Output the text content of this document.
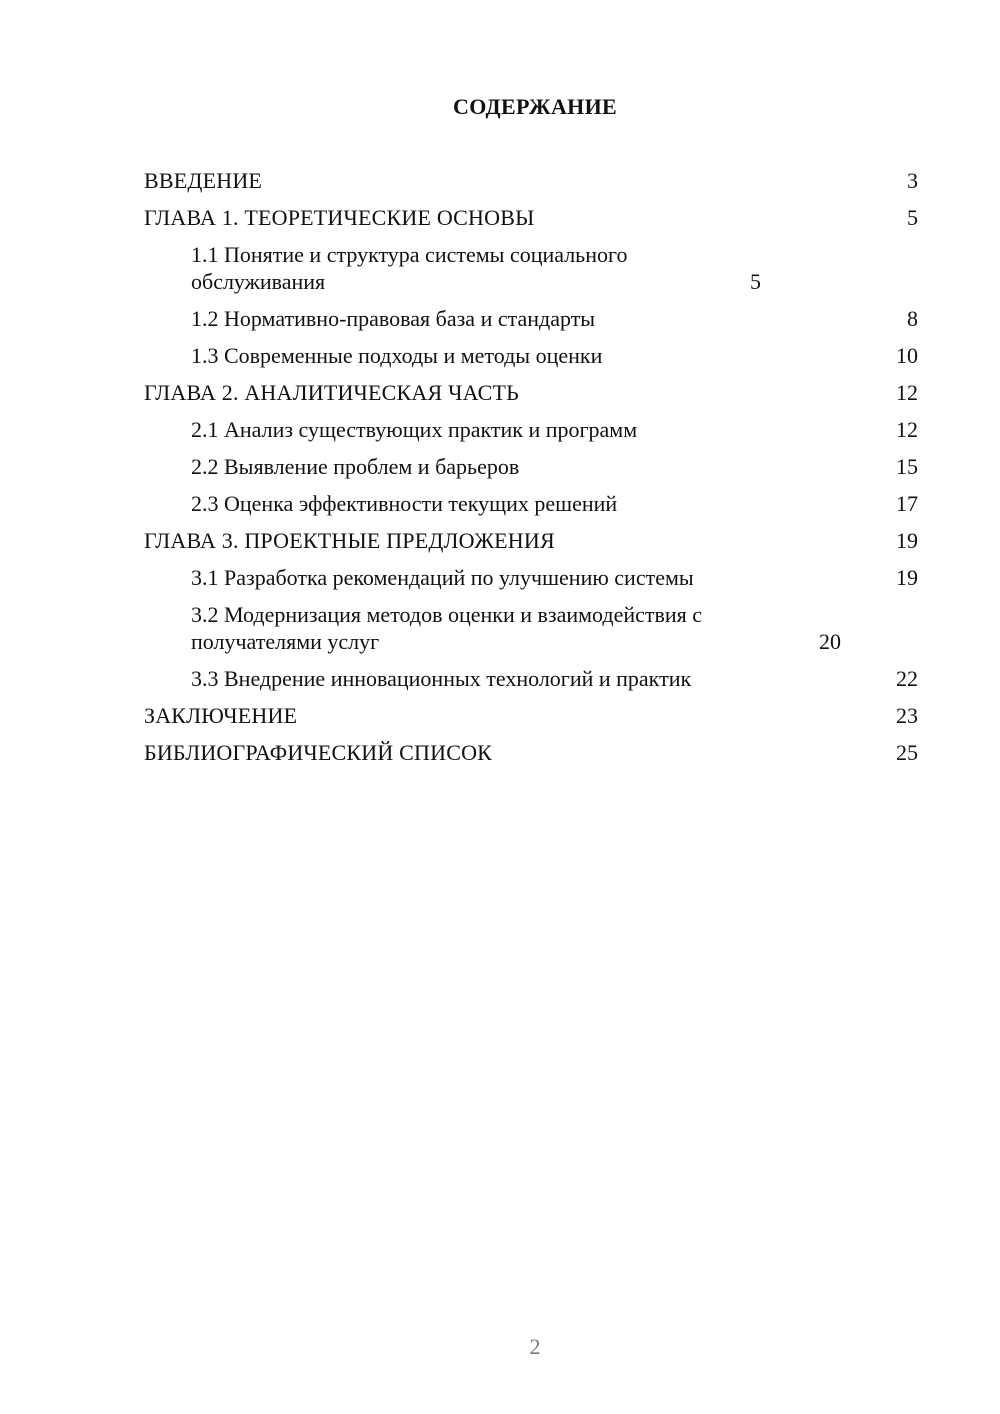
СОДЕРЖАНИЕ
ВВЕДЕНИЕ	3
ГЛАВА 1. ТЕОРЕТИЧЕСКИЕ ОСНОВЫ	5
1.1 Понятие и структура системы социального обслуживания	5
1.2 Нормативно-правовая база и стандарты	8
1.3 Современные подходы и методы оценки	10
ГЛАВА 2. АНАЛИТИЧЕСКАЯ ЧАСТЬ	12
2.1 Анализ существующих практик и программ	12
2.2 Выявление проблем и барьеров	15
2.3 Оценка эффективности текущих решений	17
ГЛАВА 3. ПРОЕКТНЫЕ ПРЕДЛОЖЕНИЯ	19
3.1 Разработка рекомендаций по улучшению системы	19
3.2 Модернизация методов оценки и взаимодействия с получателями услуг	20
3.3 Внедрение инновационных технологий и практик	22
ЗАКЛЮЧЕНИЕ	23
БИБЛИОГРАФИЧЕСКИЙ СПИСОК	25
2
